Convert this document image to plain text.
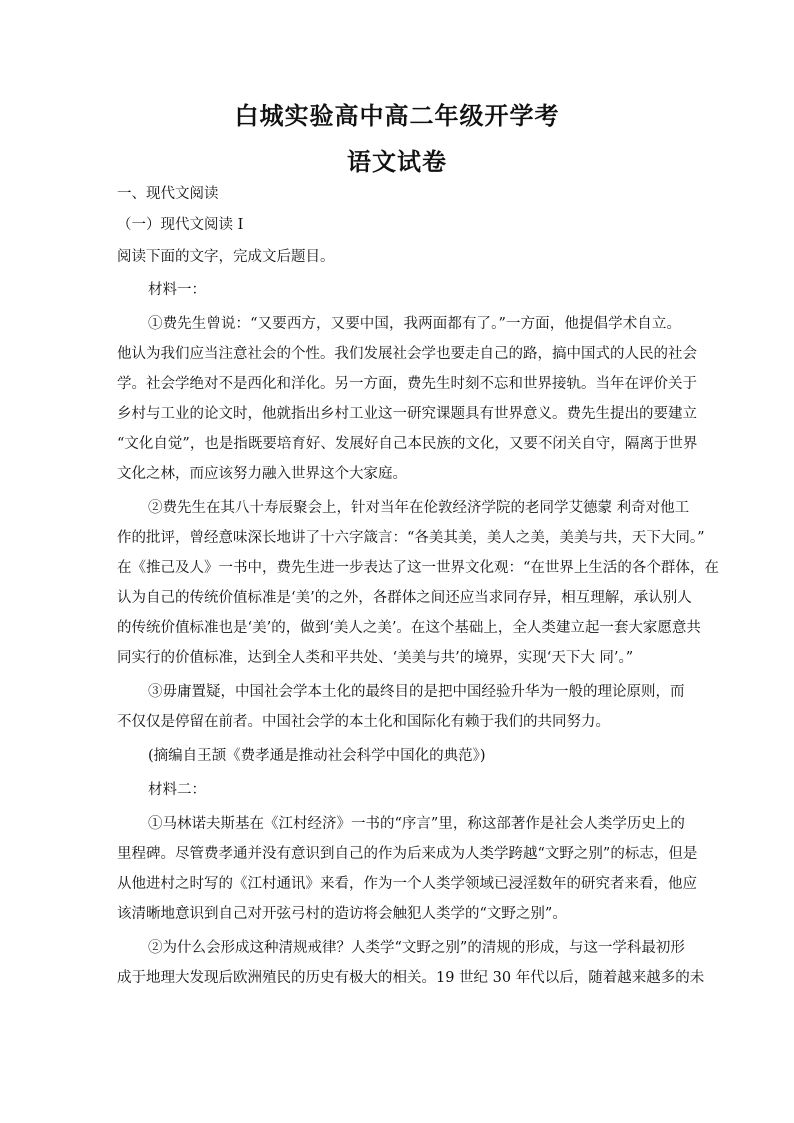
白城实验高中高二年级开学考
语文试卷
一、现代文阅读
（一）现代文阅读 I
阅读下面的文字，完成文后题目。
材料一：
①费先生曾说：“又要西方，又要中国，我两面都有了。”一方面，他提倡学术自立。
他认为我们应当注意社会的个性。我们发展社会学也要走自己的路，搞中国式的人民的社会
学。社会学绝对不是西化和洋化。另一方面，费先生时刻不忘和世界接轨。当年在评价关于
乡村与工业的论文时，他就指出乡村工业这一研究课题具有世界意义。费先生提出的要建立
“文化自觉”，也是指既要培育好、发展好自己本民族的文化，又要不闭关自守，隔离于世界
文化之林，而应该努力融入世界这个大家庭。
②费先生在其八十寿辰聚会上，针对当年在伦敦经济学院的老同学艾德蒙 利奇对他工
作的批评，曾经意味深长地讲了十六字箴言：“各美其美，美人之美，美美与共，天下大同。”
在《推己及人》一书中，费先生进一步表达了这一世界文化观：“在世界上生活的各个群体，在
认为自己的传统价值标准是‘美’的之外，各群体之间还应当求同存异，相互理解，承认别人
的传统价值标准也是‘美’的，做到‘美人之美’。在这个基础上，全人类建立起一套大家愿意共
同实行的价值标准，达到全人类和平共处、‘美美与共’的境界，实现‘天下大 同’。”
③毋庸置疑，中国社会学本土化的最终目的是把中国经验升华为一般的理论原则，而
不仅仅是停留在前者。中国社会学的本土化和国际化有赖于我们的共同努力。
(摘编自王颉《费孝通是推动社会科学中国化的典范》)
材料二：
①马林诺夫斯基在《江村经济》一书的“序言”里，称这部著作是社会人类学历史上的
里程碑。尽管费孝通并没有意识到自己的作为后来成为人类学跨越“文野之别”的标志，但是
从他进村之时写的《江村通讯》来看，作为一个人类学领域已浸淫数年的研究者来看，他应
该清晰地意识到自己对开弦弓村的造访将会触犯人类学的“文野之别”。
②为什么会形成这种清规戒律？人类学“文野之别”的清规的形成，与这一学科最初形
成于地理大发现后欧洲殖民的历史有极大的相关。19 世纪 30 年代以后，随着越来越多的未
